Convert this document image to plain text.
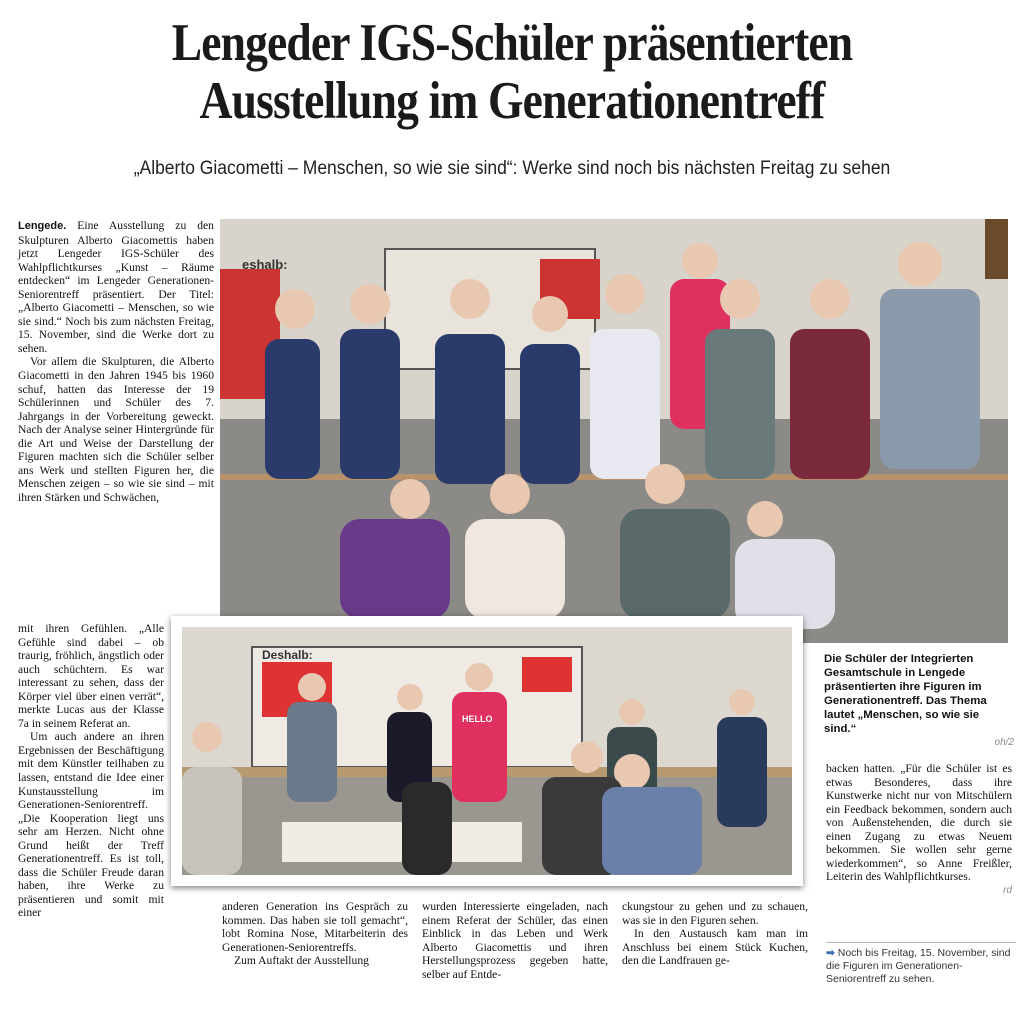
Lengeder IGS-Schüler präsentierten
Ausstellung im Generationentreff
„Alberto Giacometti – Menschen, so wie sie sind“: Werke sind noch bis nächsten Freitag zu sehen

Lengede. Eine Ausstellung zu den Skulpturen Alberto Giacomettis haben jetzt Lengeder IGS-Schüler des Wahlpflichtkurses „Kunst – Räume entdecken“ im Lengeder Generationen-Seniorentreff präsentiert. Der Titel: „Alberto Giacometti – Menschen, so wie sie sind.“ Noch bis zum nächsten Freitag, 15. November, sind die Werke dort zu sehen.

Vor allem die Skulpturen, die Alberto Giacometti in den Jahren 1945 bis 1960 schuf, hatten das Interesse der 19 Schülerinnen und Schüler des 7. Jahrgangs in der Vorbereitung geweckt. Nach der Analyse seiner Hintergründe für die Art und Weise der Darstellung der Figuren machten sich die Schüler selber ans Werk und stellten Figuren her, die Menschen zeigen – so wie sie sind – mit ihren Stärken und Schwächen,

mit ihren Gefühlen. „Alle Gefühle sind dabei – ob traurig, fröhlich, ängstlich oder auch schüchtern. Es war interessant zu sehen, dass der Körper viel über einen verrät“, merkte Lucas aus der Klasse 7a in seinem Referat an.

Um auch andere an ihren Ergebnissen der Beschäftigung mit dem Künstler teilhaben zu lassen, entstand die Idee einer Kunstausstellung im Generationen-Seniorentreff. „Die Kooperation liegt uns sehr am Herzen. Nicht ohne Grund heißt der Treff Generationentreff. Es ist toll, dass die Schüler Freude daran haben, ihre Werke zu präsentieren und somit mit einer	anderen Generation ins Gespräch zu kommen. Das haben sie toll gemacht“, lobt Romina Nose, Mitarbeiterin des Generationen-Seniorentreffs.

Zum Auftakt der Ausstellung

wurden Interessierte eingeladen, nach einem Referat der Schüler, das einen Einblick in das Leben und Werk Alberto Giacomettis und ihren Herstellungsprozess gegeben hatte, selber auf Entde-

ckungstour zu gehen und zu schauen, was sie in den Figuren sehen.

In den Austausch kam man im Anschluss bei einem Stück Kuchen, den die Landfrauen ge-

backen hatten. „Für die Schüler ist es etwas Besonderes, dass ihre Kunstwerke nicht nur von Mitschülern ein Feedback bekommen, sondern auch von Außenstehenden, die durch sie einen Zugang zu etwas Neuem bekommen. Sie wollen sehr gerne wiederkommen“, so Anne Freißler, Leiterin des Wahlpflichtkurses.

rd
eshalb:
Deshalb:
HELLO
Die Schüler der Integrierten Gesamtschule in Lengede präsentierten ihre Figuren im Generationentreff. Das Thema lautet „Menschen, so wie sie sind.“
oh/2
➡ Noch bis Freitag, 15. November, sind die Figuren im Generationen-Seniorentreff zu sehen.
